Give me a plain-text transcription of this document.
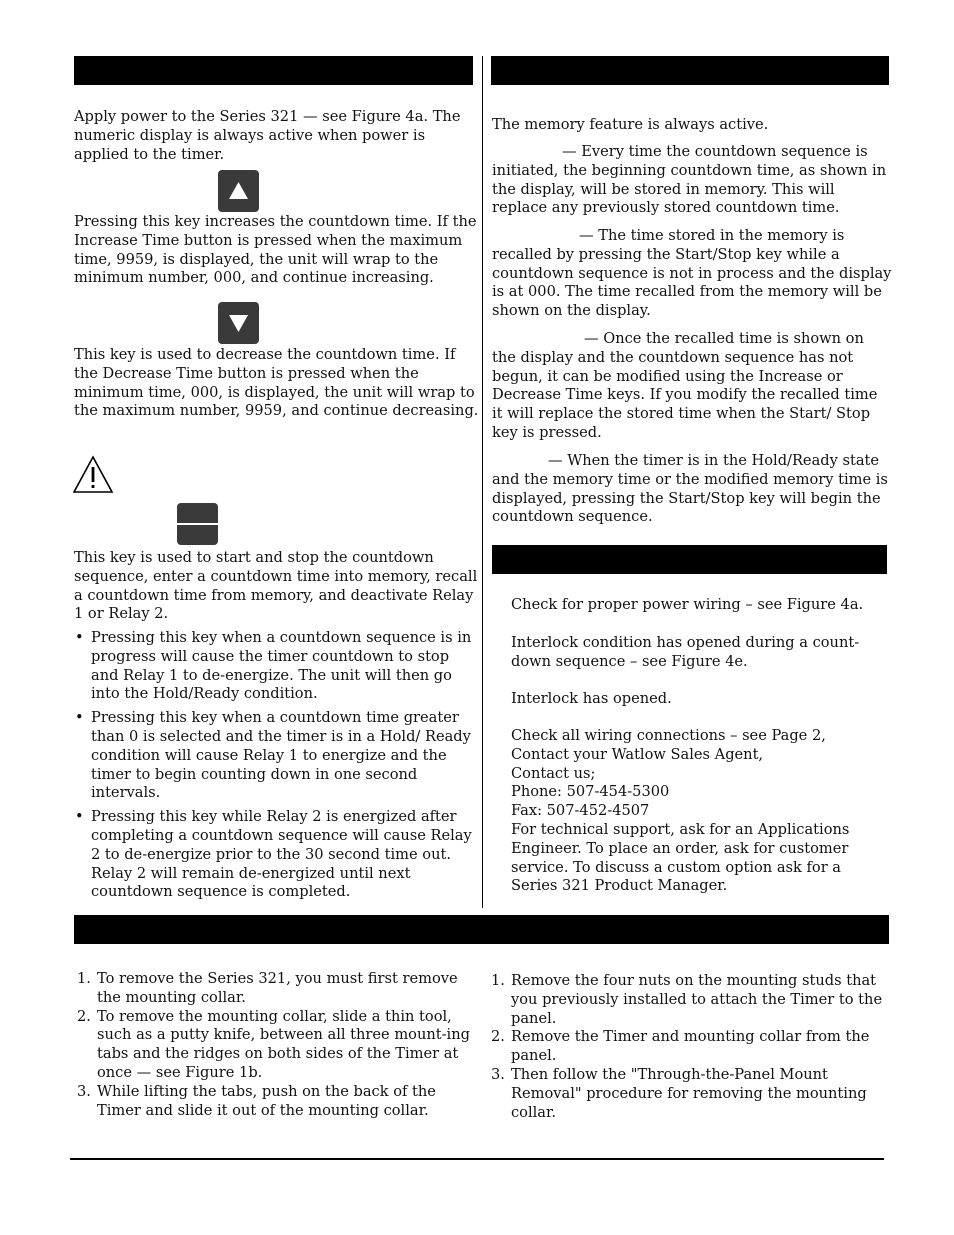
Apply power to the Series 321 — see Figure 4a. The numeric display is always active when power is applied to the timer.

Pressing this key increases the countdown time. If the Increase Time button is pressed when the maximum time, 9959, is displayed, the unit will wrap to the minimum number, 000, and continue increasing.

This key is used to decrease the countdown time. If the Decrease Time button is pressed when the minimum time, 000, is displayed, the unit will wrap to the maximum number, 9959, and continue decreasing.

This key is used to start and stop the countdown sequence, enter a countdown time into memory, recall a countdown time from memory, and deactivate Relay 1 or Relay 2.

• Pressing this key when a countdown sequence is in progress will cause the timer countdown to stop and Relay 1 to de-energize. The unit will then go into the Hold/Ready condition.
• Pressing this key when a countdown time greater than 0 is selected and the timer is in a Hold/ Ready condition will cause Relay 1 to energize and the timer to begin counting down in one second intervals.
• Pressing this key while Relay 2 is energized after completing a countdown sequence will cause Relay 2 to de-energize prior to the 30 second time out. Relay 2 will remain de-energized until next countdown sequence is completed.

The memory feature is always active.

— Every time the countdown sequence is initiated, the beginning countdown time, as shown in the display, will be stored in memory. This will replace any previously stored countdown time.

— The time stored in the memory is recalled by pressing the Start/Stop key while a countdown sequence is not in process and the display is at 000. The time recalled from the memory will be shown on the display.

— Once the recalled time is shown on the display and the countdown sequence has not begun, it can be modified using the Increase or Decrease Time keys. If you modify the recalled time it will replace the stored time when the Start/ Stop key is pressed.

— When the timer is in the Hold/Ready state and the memory time or the modified memory time is displayed, pressing the Start/Stop key will begin the countdown sequence.

Check for proper power wiring – see Figure 4a.

Interlock condition has opened during a count-down sequence – see Figure 4e.

Interlock has opened.

Check all wiring connections – see Page 2,
Contact your Watlow Sales Agent,
Contact us;
Phone: 507-454-5300
Fax: 507-452-4507
For technical support, ask for an Applications Engineer. To place an order, ask for customer service. To discuss a custom option ask for a Series 321 Product Manager.

1. To remove the Series 321, you must first remove the mounting collar.
2. To remove the mounting collar, slide a thin tool, such as a putty knife, between all three mount-ing tabs and the ridges on both sides of the Timer at once — see Figure 1b.
3. While lifting the tabs, push on the back of the Timer and slide it out of the mounting collar.
1. Remove the four nuts on the mounting studs that you previously installed to attach the Timer to the panel.
2. Remove the Timer and mounting collar from the panel.
3. Then follow the "Through-the-Panel Mount Removal" procedure for removing the mounting collar.
